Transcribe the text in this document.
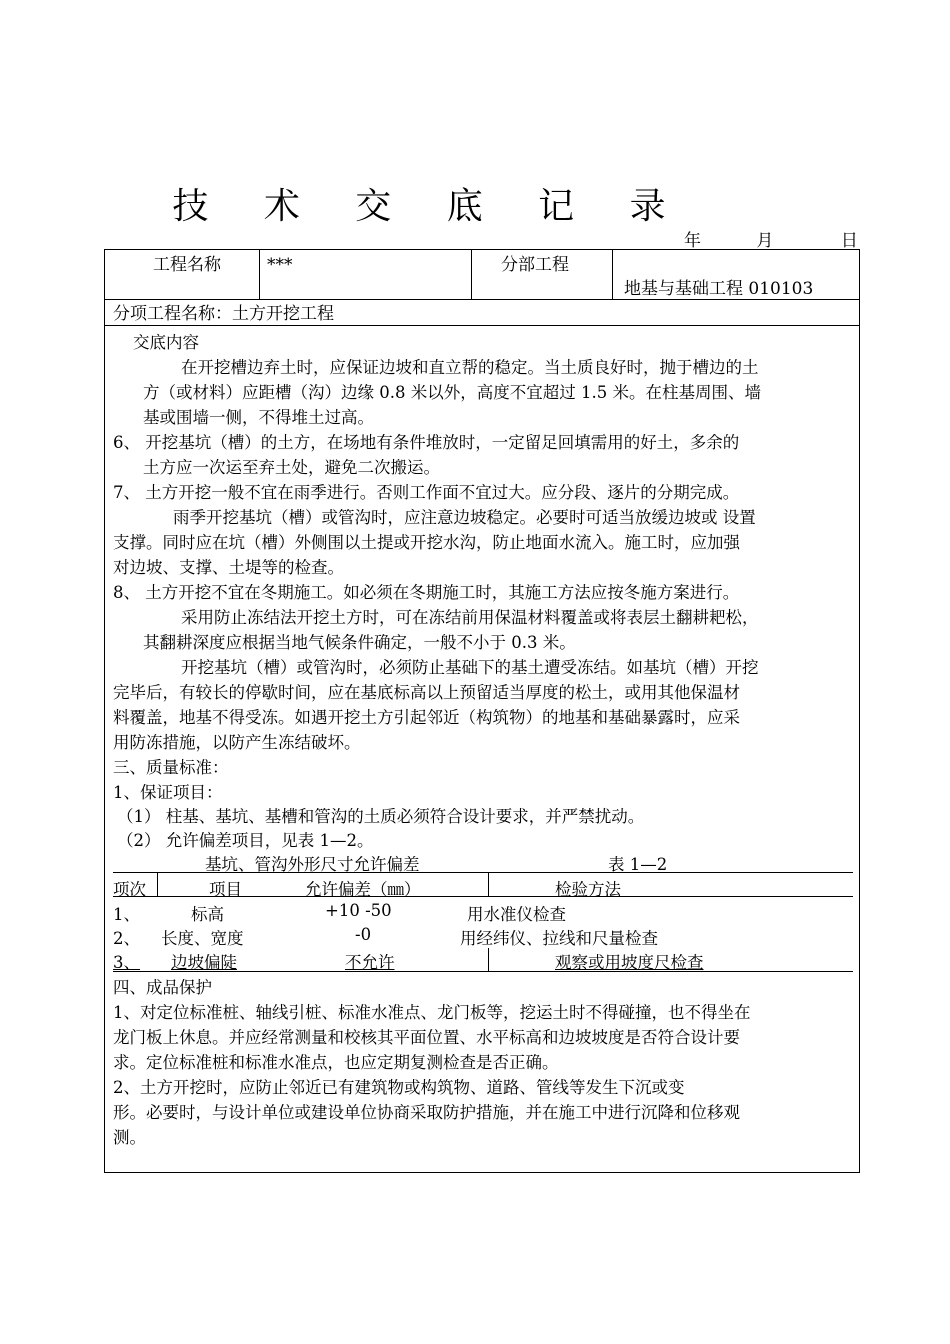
技 术 交 底 记 录
年	月	日
工程名称	***	分部工程
地基与基础工程 010103
分项工程名称：土方开挖工程
交底内容
在开挖槽边弃土时，应保证边坡和直立帮的稳定。当土质良好时，抛于槽边的土
方（或材料）应距槽（沟）边缘 0.8 米以外，高度不宜超过 1.5 米。在柱基周围、墙
基或围墙一侧，不得堆土过高。
6、 开挖基坑（槽）的土方，在场地有条件堆放时，一定留足回填需用的好土，多余的
土方应一次运至弃土处，避免二次搬运。
7、 土方开挖一般不宜在雨季进行。否则工作面不宜过大。应分段、逐片的分期完成。
雨季开挖基坑（槽）或管沟时，应注意边坡稳定。必要时可适当放缓边坡或 设置
支撑。同时应在坑（槽）外侧围以土提或开挖水沟，防止地面水流入。施工时，应加强
对边坡、支撑、土堤等的检查。
8、 土方开挖不宜在冬期施工。如必须在冬期施工时，其施工方法应按冬施方案进行。
采用防止冻结法开挖土方时，可在冻结前用保温材料覆盖或将表层土翻耕耙松，
其翻耕深度应根据当地气候条件确定，一般不小于 0.3 米。
开挖基坑（槽）或管沟时，必须防止基础下的基土遭受冻结。如基坑（槽）开挖
完毕后，有较长的停歇时间，应在基底标高以上预留适当厚度的松土，或用其他保温材
料覆盖，地基不得受冻。如遇开挖土方引起邻近（构筑物）的地基和基础暴露时，应采
用防冻措施，以防产生冻结破坏。
三、质量标准：
1、保证项目：
（1） 柱基、基坑、基槽和管沟的土质必须符合设计要求，并严禁扰动。
（2） 允许偏差项目，见表 1—2。
基坑、管沟外形尺寸允许偏差	表 1—2
项次	项目	允许偏差（㎜）	检验方法
1、	标高	+10 -50	用水准仪检查
2、 长度、宽度	-0	用经纬仪、拉线和尺量检查
3、 边坡偏陡	不允许	观察或用坡度尺检查
四、成品保护
1、对定位标准桩、轴线引桩、标准水准点、龙门板等，挖运土时不得碰撞，也不得坐在
龙门板上休息。并应经常测量和校核其平面位置、水平标高和边坡坡度是否符合设计要
求。定位标准桩和标准水准点，也应定期复测检查是否正确。
2、土方开挖时，应防止邻近已有建筑物或构筑物、道路、管线等发生下沉或变
形。必要时，与设计单位或建设单位协商采取防护措施，并在施工中进行沉降和位移观
测。
